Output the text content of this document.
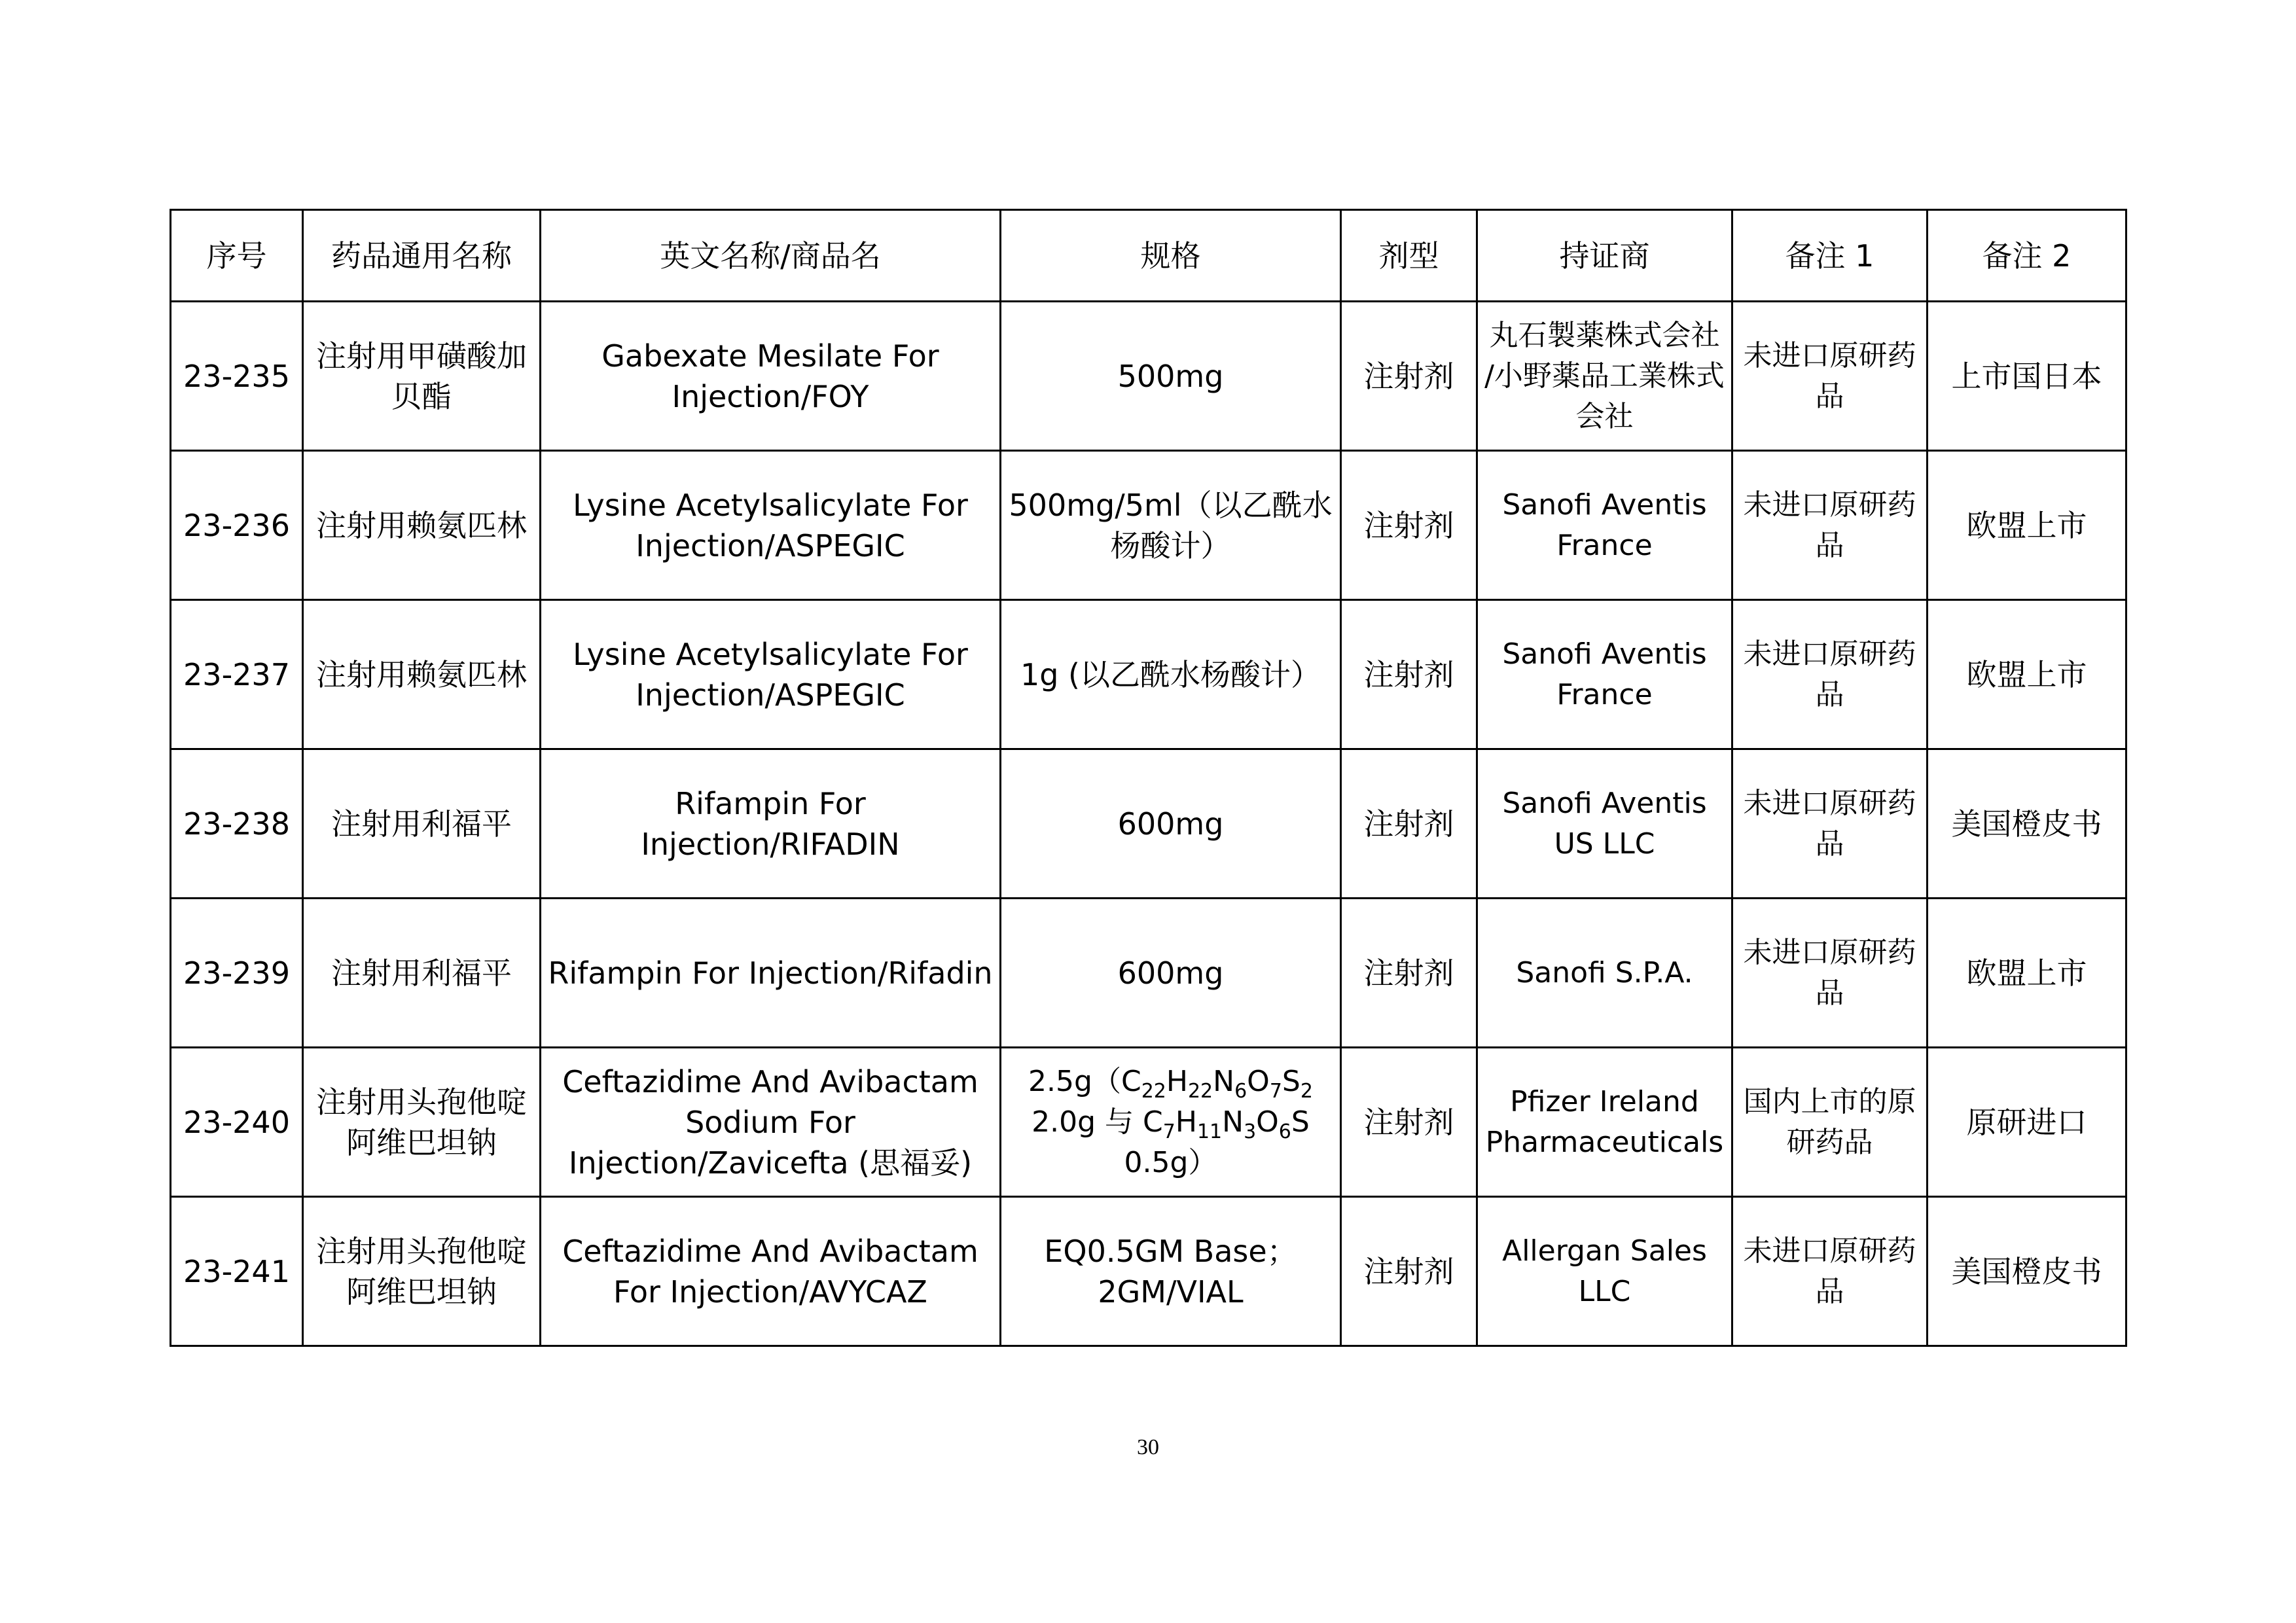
序号	药品通用名称	英文名称/商品名	规格	剂型	持证商	备注 1	备注 2
23-235	注射用甲磺酸加贝酯	Gabexate Mesilate For Injection/FOY	500mg	注射剂	丸石製薬株式会社 /小野薬品工業株式会社	未进口原研药品	上市国日本
23-236	注射用赖氨匹林	Lysine Acetylsalicylate For Injection/ASPEGIC	500mg/5ml（以乙酰水杨酸计）	注射剂	Sanofi Aventis France	未进口原研药品	欧盟上市
23-237	注射用赖氨匹林	Lysine Acetylsalicylate For Injection/ASPEGIC	1g (以乙酰水杨酸计）	注射剂	Sanofi Aventis France	未进口原研药品	欧盟上市
23-238	注射用利福平	Rifampin For Injection/RIFADIN	600mg	注射剂	Sanofi Aventis US LLC	未进口原研药品	美国橙皮书
23-239	注射用利福平	Rifampin For Injection/Rifadin	600mg	注射剂	Sanofi S.P.A.	未进口原研药品	欧盟上市
23-240	注射用头孢他啶阿维巴坦钠	Ceftazidime And Avibactam Sodium For Injection/Zavicefta (思福妥)	$2.5g(C_{22}H_{22}N_6O_7S_2$ 2.0g 与 $C_7H_{11}N_3O_6S$ 0.5g）	注射剂	Pfizer Ireland Pharmaceuticals	国内上市的原研药品	原研进口
23-241	注射用头孢他啶阿维巴坦钠	Ceftazidime And Avibactam For Injection/AVYCAZ	EQ0.5GM Base；2GM/VIAL	注射剂	Allergan Sales LLC	未进口原研药品	美国橙皮书
30
